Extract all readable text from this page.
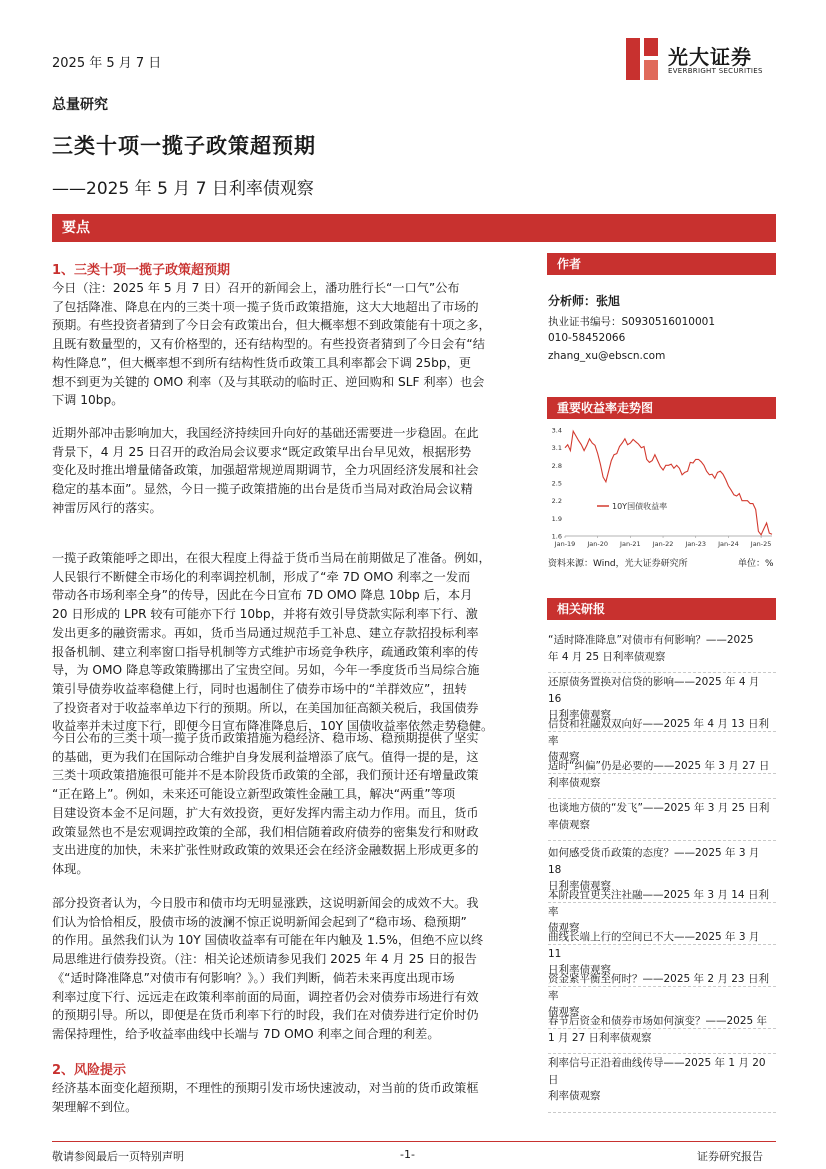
2025 年 5 月 7 日	光大证券
EVERBRIGHT SECURITIES
总量研究
三类十项一揽子政策超预期
——2025 年 5 月 7 日利率债观察
要点
1、三类十项一揽子政策超预期
今日（注：2025 年 5 月 7 日）召开的新闻会上，潘功胜行长“一口气”公布
了包括降准、降息在内的三类十项一揽子货币政策措施，这大大地超出了市场的
预期。有些投资者猜到了今日会有政策出台，但大概率想不到政策能有十项之多，
且既有数量型的，又有价格型的，还有结构型的。有些投资者猜到了今日会有“结
构性降息”，但大概率想不到所有结构性货币政策工具利率都会下调 25bp，更
想不到更为关键的 OMO 利率（及与其联动的临时正、逆回购和 SLF 利率）也会
下调 10bp。
近期外部冲击影响加大，我国经济持续回升向好的基础还需要进一步稳固。在此
背景下，4 月 25 日召开的政治局会议要求“既定政策早出台早见效，根据形势
变化及时推出增量储备政策，加强超常规逆周期调节，全力巩固经济发展和社会
稳定的基本面”。显然，今日一揽子政策措施的出台是货币当局对政治局会议精
神雷厉风行的落实。
一揽子政策能呼之即出，在很大程度上得益于货币当局在前期做足了准备。例如，
人民银行不断健全市场化的利率调控机制，形成了“牵 7D OMO 利率之一发而
带动各市场利率全身”的传导，因此在今日宣布 7D OMO 降息 10bp 后，本月
20 日形成的 LPR 较有可能亦下行 10bp，并将有效引导贷款实际利率下行、激
发出更多的融资需求。再如，货币当局通过规范手工补息、建立存款招投标利率
报备机制、建立利率窗口指导机制等方式维护市场竞争秩序，疏通政策利率的传
导，为 OMO 降息等政策腾挪出了宝贵空间。另如，今年一季度货币当局综合施
策引导债券收益率稳健上行，同时也遏制住了债券市场中的“羊群效应”，扭转
了投资者对于收益率单边下行的预期。所以，在美国加征高额关税后，我国债券
收益率并未过度下行，即便今日宣布降准降息后，10Y 国债收益率依然走势稳健。
今日公布的三类十项一揽子货币政策措施为稳经济、稳市场、稳预期提供了坚实
的基础，更为我们在国际动合维护自身发展利益增添了底气。值得一提的是，这
三类十项政策措施很可能并不是本阶段货币政策的全部，我们预计还有增量政策
“正在路上”。例如，未来还可能设立新型政策性金融工具，解决“两重”等项
目建设资本金不足问题，扩大有效投资，更好发挥内需主动力作用。而且，货币
政策显然也不是宏观调控政策的全部，我们相信随着政府债券的密集发行和财政
支出进度的加快，未来扩张性财政政策的效果还会在经济金融数据上形成更多的
体现。
部分投资者认为，今日股市和债市均无明显涨跌，这说明新闻会的成效不大。我
们认为恰恰相反，股债市场的波澜不惊正说明新闻会起到了“稳市场、稳预期”
的作用。虽然我们认为 10Y 国债收益率有可能在年内触及 1.5%，但绝不应以终
局思维进行债券投资。（注：相关论述烦请参见我们 2025 年 4 月 25 日的报告
《“适时降准降息”对债市有何影响？》。）我们判断，倘若未来再度出现市场
利率过度下行、远远走在政策利率前面的局面，调控者仍会对债券市场进行有效
的预期引导。所以，即便是在货币利率下行的时段，我们在对债券进行定价时仍
需保持理性，给予收益率曲线中长端与 7D OMO 利率之间合理的利差。
2、风险提示
经济基本面变化超预期，不理性的预期引发市场快速波动，对当前的货币政策框
架理解不到位。
作者
分析师：张旭
执业证书编号：S0930516010001
010-58452066
zhang_xu@ebscn.com
重要收益率走势图
3.4
3.1
2.8
2.5
2.2
1.9
1.6
Jan-19 Jan-20 Jan-21 Jan-22 Jan-23 Jan-24 Jan-25
10Y国债收益率
资料来源：Wind，光大证券研究所	单位：%
相关研报
“适时降准降息”对债市有何影响？——2025
年 4 月 25 日利率债观察
还原债务置换对信贷的影响——2025 年 4 月 16
日利率债观察
信贷和社融双双向好——2025 年 4 月 13 日利率
债观察
适时“纠偏”仍是必要的——2025 年 3 月 27 日
利率债观察
也谈地方债的“发飞”——2025 年 3 月 25 日利
率债观察
如何感受货币政策的态度？——2025 年 3 月 18
日利率债观察
本阶段宜更关注社融——2025 年 3 月 14 日利率
债观察
曲线长端上行的空间已不大——2025 年 3 月 11
日利率债观察
资金紧平衡至何时？——2025 年 2 月 23 日利率
债观察
春节后资金和债券市场如何演变？——2025 年
1 月 27 日利率债观察
利率信号正沿着曲线传导——2025 年 1 月 20 日
利率债观察
敬请参阅最后一页特别声明	-1-	证券研究报告
